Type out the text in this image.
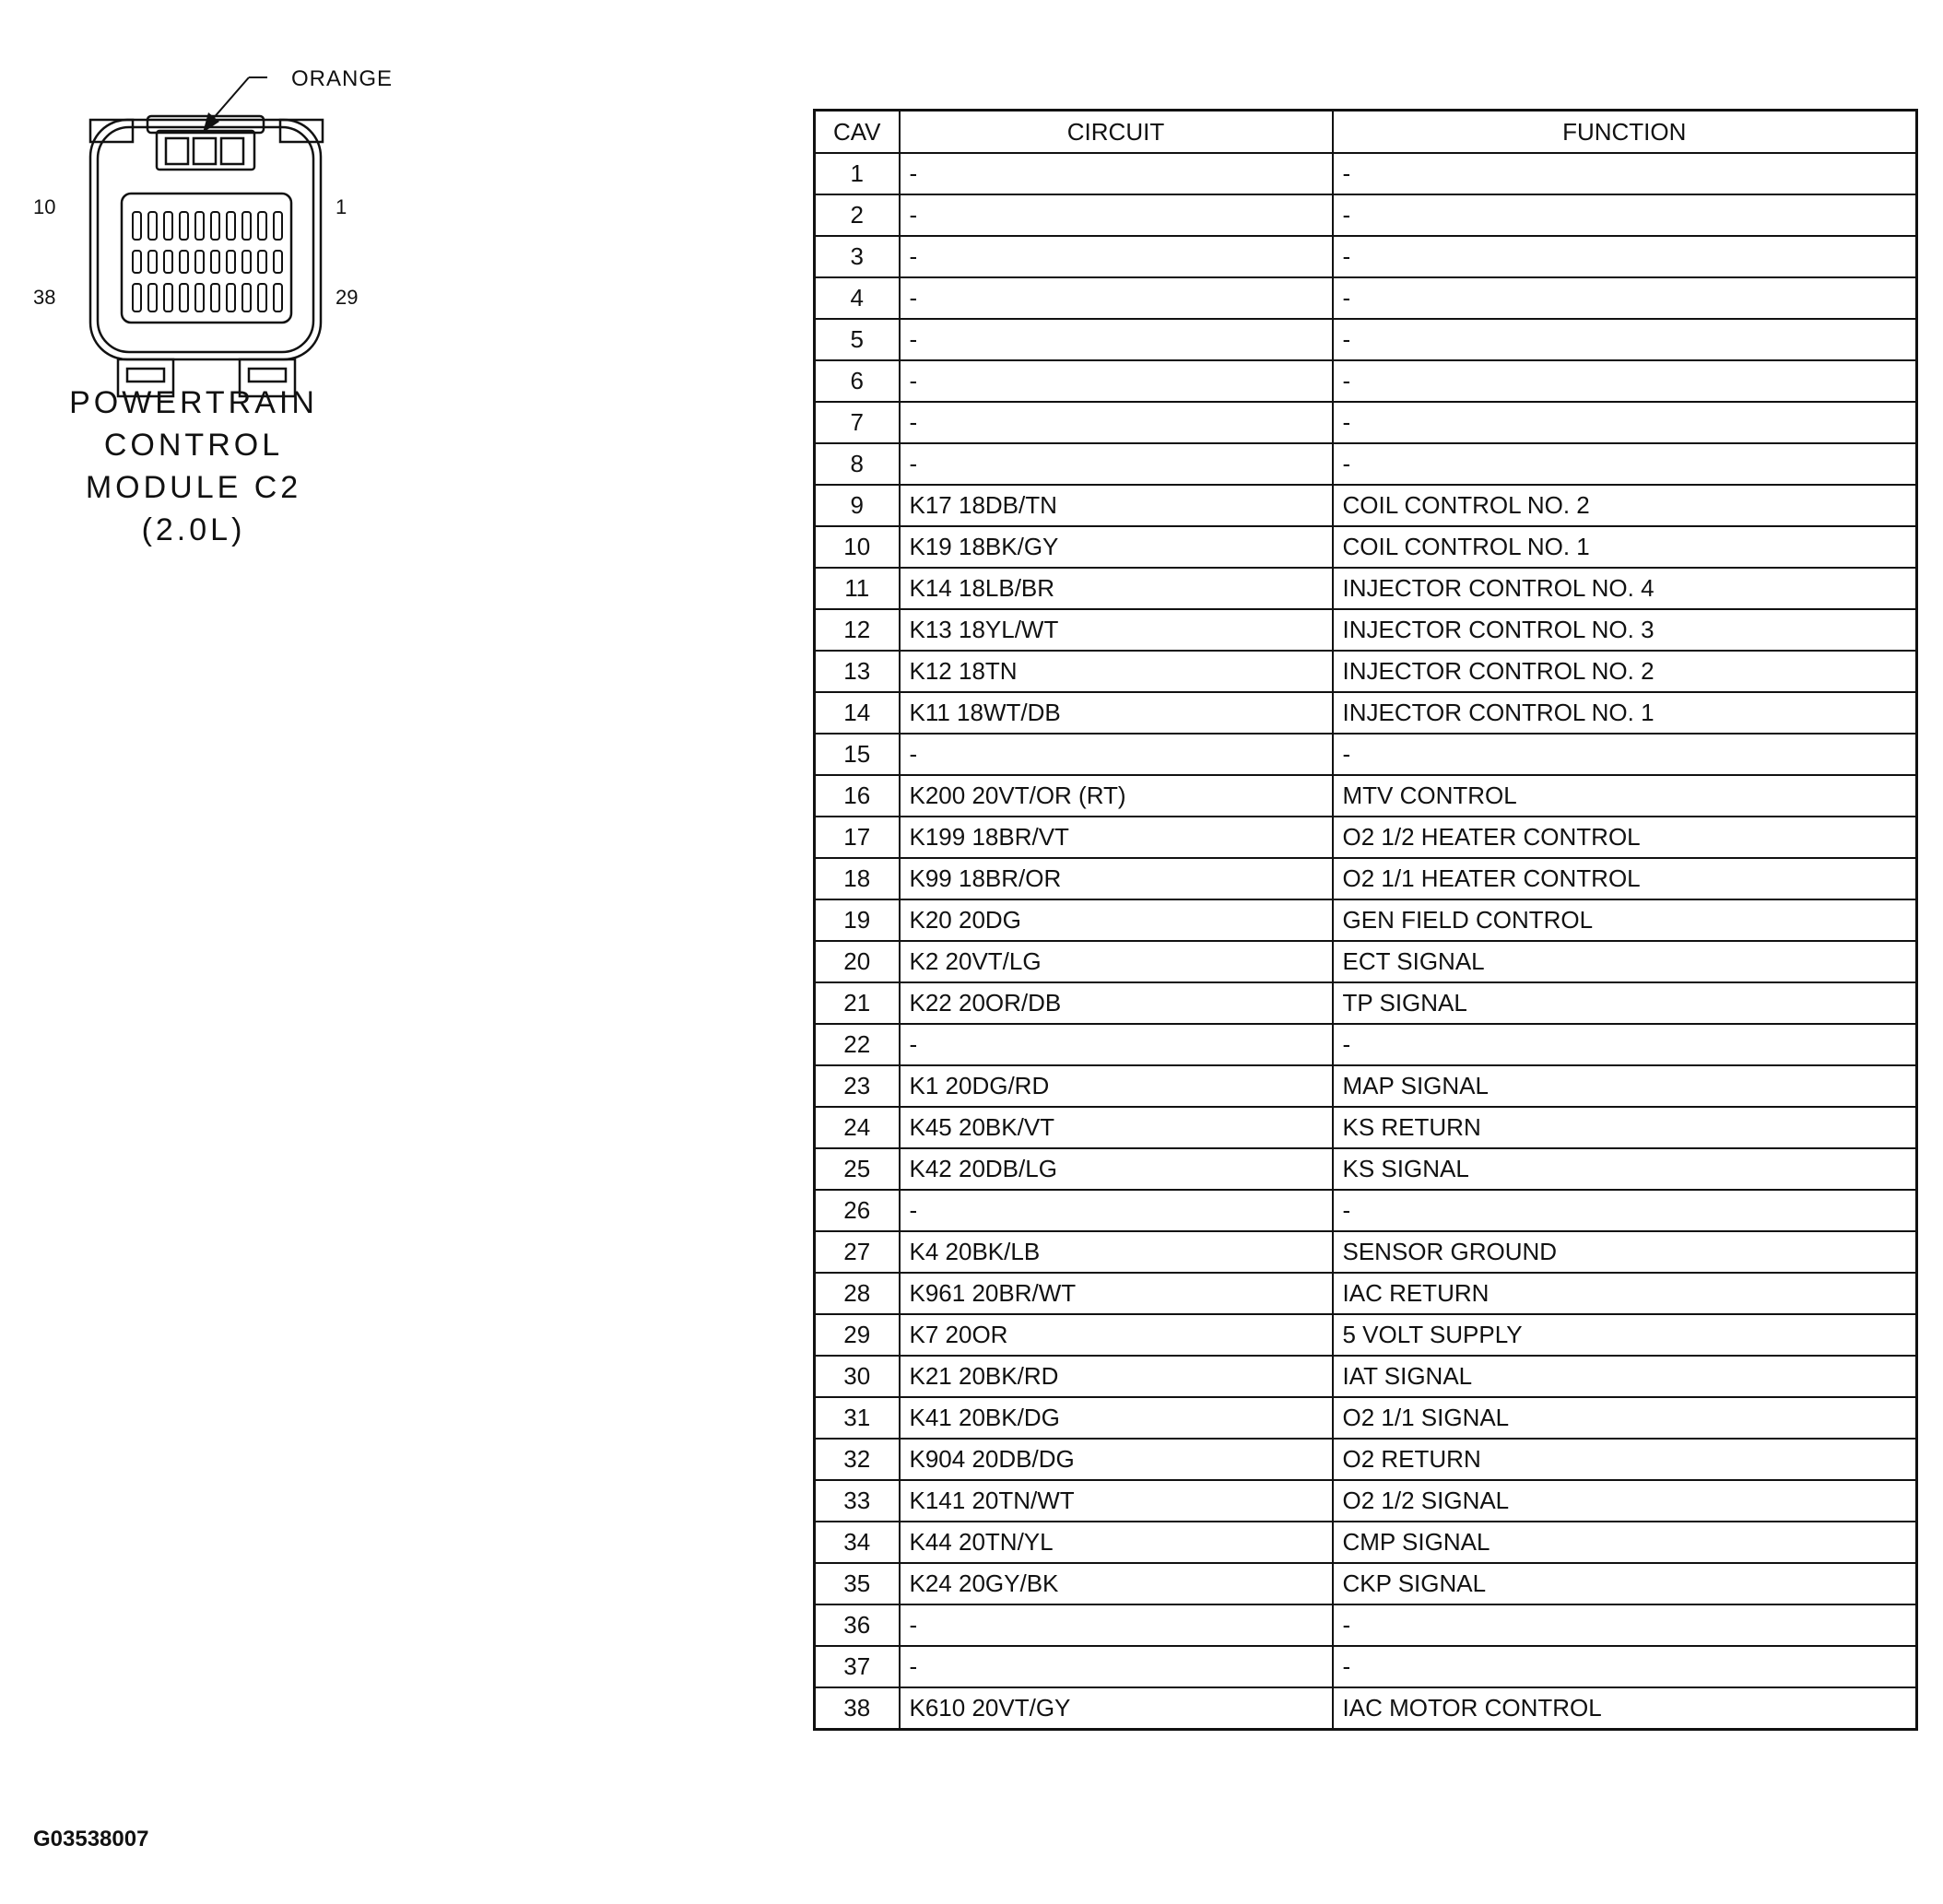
ORANGE
10	1
38	29
POWERTRAIN
CONTROL
MODULE C2
(2.0L)
CAV	CIRCUIT	FUNCTION
1	-	-
2	-	-
3	-	-
4	-	-
5	-	-
6	-	-
7	-	-
8	-	-
9	K17 18DB/TN	COIL CONTROL NO. 2
10	K19 18BK/GY	COIL CONTROL NO. 1
11	K14 18LB/BR	INJECTOR CONTROL NO. 4
12	K13 18YL/WT	INJECTOR CONTROL NO. 3
13	K12 18TN	INJECTOR CONTROL NO. 2
14	K11 18WT/DB	INJECTOR CONTROL NO. 1
15	-	-
16	K200 20VT/OR (RT)	MTV CONTROL
17	K199 18BR/VT	O2 1/2 HEATER CONTROL
18	K99 18BR/OR	O2 1/1 HEATER CONTROL
19	K20 20DG	GEN FIELD CONTROL
20	K2 20VT/LG	ECT SIGNAL
21	K22 20OR/DB	TP SIGNAL
22	-	-
23	K1 20DG/RD	MAP SIGNAL
24	K45 20BK/VT	KS RETURN
25	K42 20DB/LG	KS SIGNAL
26	-	-
27	K4 20BK/LB	SENSOR GROUND
28	K961 20BR/WT	IAC RETURN
29	K7 20OR	5 VOLT SUPPLY
30	K21 20BK/RD	IAT SIGNAL
31	K41 20BK/DG	O2 1/1 SIGNAL
32	K904 20DB/DG	O2 RETURN
33	K141 20TN/WT	O2 1/2 SIGNAL
34	K44 20TN/YL	CMP SIGNAL
35	K24 20GY/BK	CKP SIGNAL
36	-	-
37	-	-
38	K610 20VT/GY	IAC MOTOR CONTROL
G03538007
